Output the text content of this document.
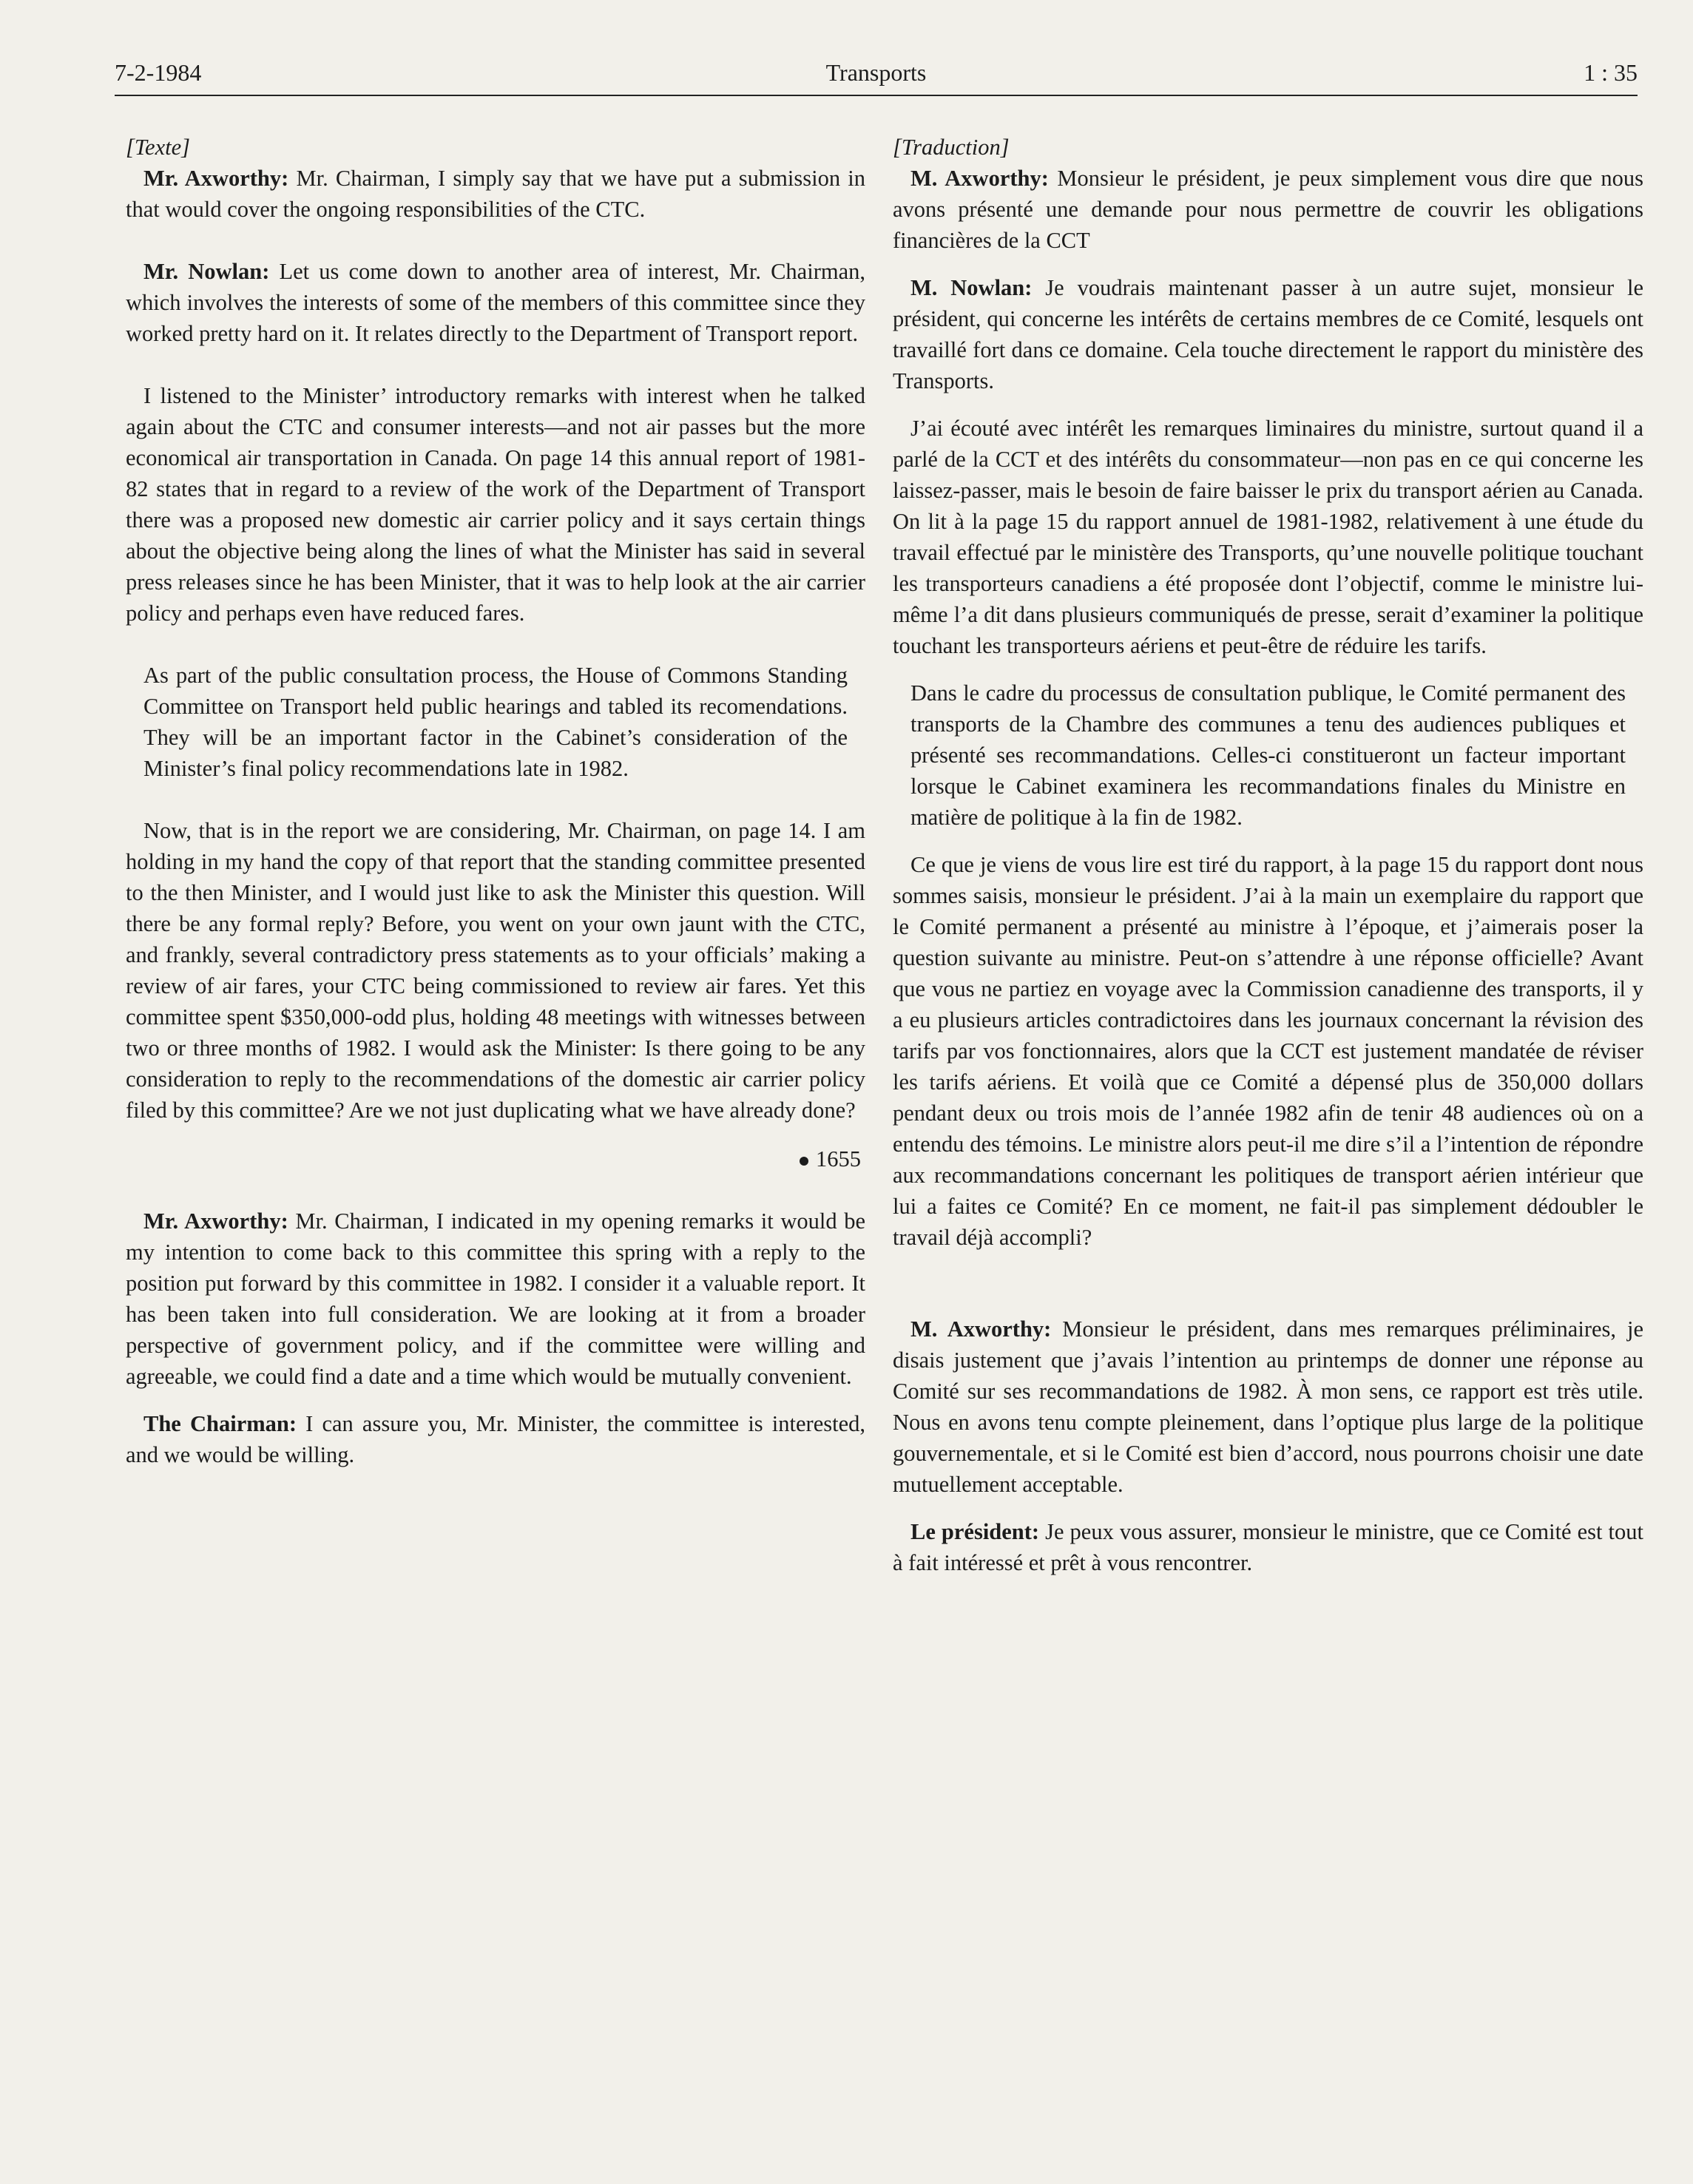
7-2-1984	Transports	1 : 35

[Texte]

Mr. Axworthy: Mr. Chairman, I simply say that we have put a submission in that would cover the ongoing responsibilities of the CTC.

Mr. Nowlan: Let us come down to another area of interest, Mr. Chairman, which involves the interests of some of the members of this committee since they worked pretty hard on it. It relates directly to the Department of Transport report.

I listened to the Minister’ introductory remarks with interest when he talked again about the CTC and consumer interests—and not air passes but the more economical air transportation in Canada. On page 14 this annual report of 1981-82 states that in regard to a review of the work of the Department of Transport there was a proposed new domestic air carrier policy and it says certain things about the objective being along the lines of what the Minister has said in several press releases since he has been Minister, that it was to help look at the air carrier policy and perhaps even have reduced fares.

As part of the public consultation process, the House of Commons Standing Committee on Transport held public hearings and tabled its recomendations. They will be an important factor in the Cabinet’s consideration of the Minister’s final policy recommendations late in 1982.

Now, that is in the report we are considering, Mr. Chairman, on page 14. I am holding in my hand the copy of that report that the standing committee presented to the then Minister, and I would just like to ask the Minister this question. Will there be any formal reply? Before, you went on your own jaunt with the CTC, and frankly, several contradictory press statements as to your officials’ making a review of air fares, your CTC being commissioned to review air fares. Yet this committee spent $350,000-odd plus, holding 48 meetings with witnesses between two or three months of 1982. I would ask the Minister: Is there going to be any consideration to reply to the recommendations of the domestic air carrier policy filed by this committee? Are we not just duplicating what we have already done?

1655

Mr. Axworthy: Mr. Chairman, I indicated in my opening remarks it would be my intention to come back to this committee this spring with a reply to the position put forward by this committee in 1982. I consider it a valuable report. It has been taken into full consideration. We are looking at it from a broader perspective of government policy, and if the committee were willing and agreeable, we could find a date and a time which would be mutually convenient.

The Chairman: I can assure you, Mr. Minister, the committee is interested, and we would be willing.

[Traduction]

M. Axworthy: Monsieur le président, je peux simplement vous dire que nous avons présenté une demande pour nous permettre de couvrir les obligations financières de la CCT

M. Nowlan: Je voudrais maintenant passer à un autre sujet, monsieur le président, qui concerne les intérêts de certains membres de ce Comité, lesquels ont travaillé fort dans ce domaine. Cela touche directement le rapport du ministère des Transports.

J’ai écouté avec intérêt les remarques liminaires du ministre, surtout quand il a parlé de la CCT et des intérêts du consommateur—non pas en ce qui concerne les laissez-passer, mais le besoin de faire baisser le prix du transport aérien au Canada. On lit à la page 15 du rapport annuel de 1981-1982, relativement à une étude du travail effectué par le ministère des Transports, qu’une nouvelle politique touchant les transporteurs canadiens a été proposée dont l’objectif, comme le ministre lui-même l’a dit dans plusieurs communiqués de presse, serait d’examiner la politique touchant les transporteurs aériens et peut-être de réduire les tarifs.

Dans le cadre du processus de consultation publique, le Comité permanent des transports de la Chambre des communes a tenu des audiences publiques et présenté ses recommandations. Celles-ci constitueront un facteur important lorsque le Cabinet examinera les recommandations finales du Ministre en matière de politique à la fin de 1982.

Ce que je viens de vous lire est tiré du rapport, à la page 15 du rapport dont nous sommes saisis, monsieur le président. J’ai à la main un exemplaire du rapport que le Comité permanent a présenté au ministre à l’époque, et j’aimerais poser la question suivante au ministre. Peut-on s’attendre à une réponse officielle? Avant que vous ne partiez en voyage avec la Commission canadienne des transports, il y a eu plusieurs articles contradictoires dans les journaux concernant la révision des tarifs par vos fonctionnaires, alors que la CCT est justement mandatée de réviser les tarifs aériens. Et voilà que ce Comité a dépensé plus de 350,000 dollars pendant deux ou trois mois de l’année 1982 afin de tenir 48 audiences où on a entendu des témoins. Le ministre alors peut-il me dire s’il a l’intention de répondre aux recommandations concernant les politiques de transport aérien intérieur que lui a faites ce Comité? En ce moment, ne fait-il pas simplement dédoubler le travail déjà accompli?

M. Axworthy: Monsieur le président, dans mes remarques préliminaires, je disais justement que j’avais l’intention au printemps de donner une réponse au Comité sur ses recommandations de 1982. À mon sens, ce rapport est très utile. Nous en avons tenu compte pleinement, dans l’optique plus large de la politique gouvernementale, et si le Comité est bien d’accord, nous pourrons choisir une date mutuellement acceptable.

Le président: Je peux vous assurer, monsieur le ministre, que ce Comité est tout à fait intéressé et prêt à vous rencontrer.
